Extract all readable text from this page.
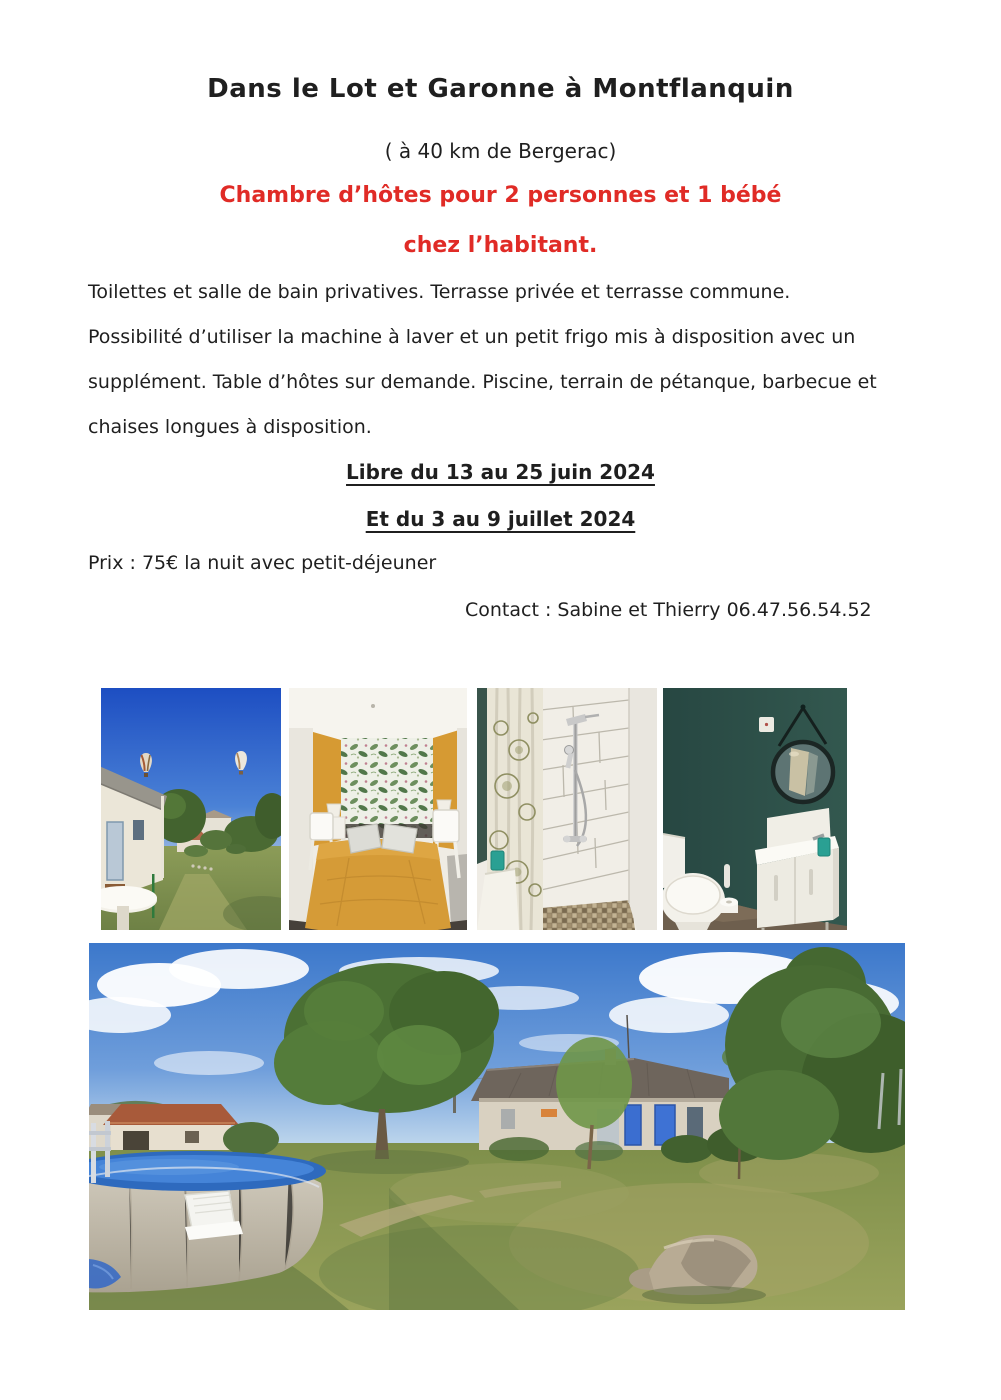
Dans le Lot et Garonne à Montflanquin
( à 40 km de Bergerac)
Chambre d’hôtes pour 2 personnes et 1 bébé
chez l’habitant.
Toilettes et salle de bain privatives. Terrasse privée et terrasse commune.
Possibilité d’utiliser la machine à laver et un petit frigo mis à disposition avec un
supplément. Table d’hôtes sur demande. Piscine, terrain de pétanque, barbecue et
chaises longues à disposition.
Libre du 13 au 25 juin 2024
Et du 3 au 9 juillet 2024
Prix : 75€ la nuit avec petit-déjeuner
Contact : Sabine et Thierry 06.47.56.54.52
